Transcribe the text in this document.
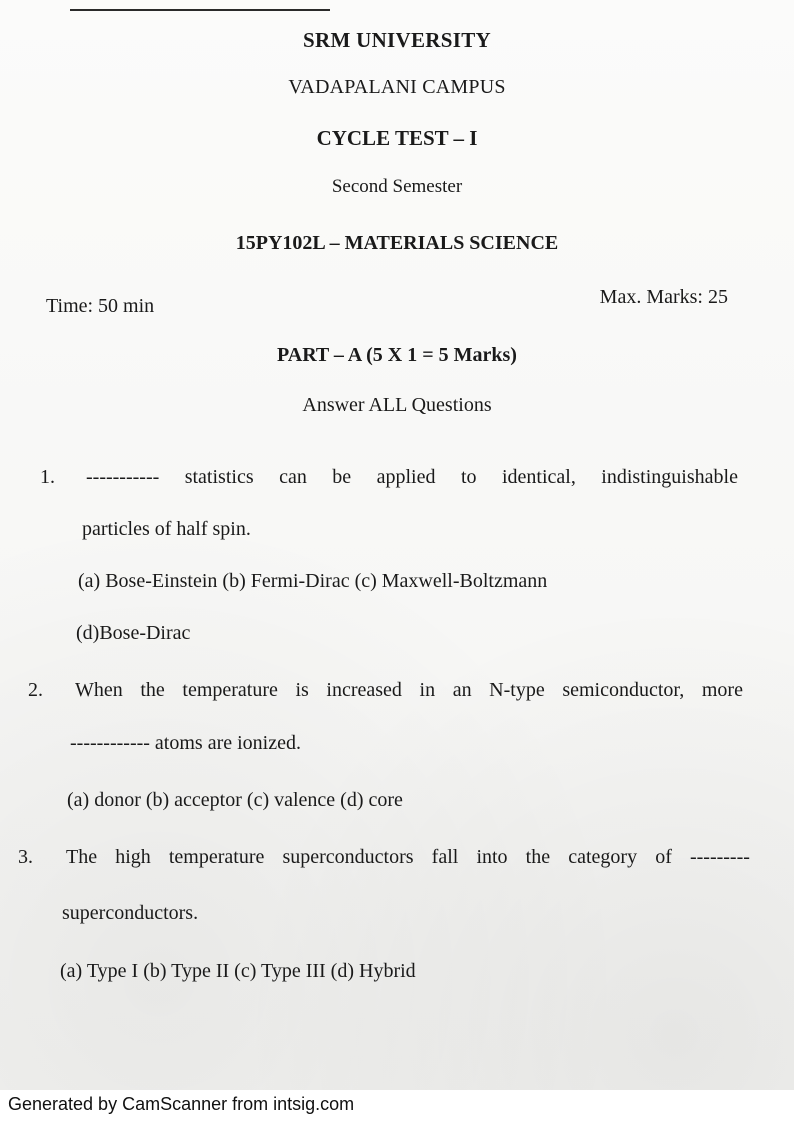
SRM UNIVERSITY
VADAPALANI CAMPUS
CYCLE TEST – I
Second Semester
15PY102L – MATERIALS SCIENCE
Time: 50 min	Max. Marks: 25
PART – A (5 X 1 = 5 Marks)
Answer ALL Questions
1. ----------- statistics can be applied to identical, indistinguishable
particles of half spin.
(a) Bose-Einstein (b) Fermi-Dirac (c) Maxwell-Boltzmann
(d)Bose-Dirac
2. When the temperature is increased in an N-type semiconductor, more
------------ atoms are ionized.
(a) donor (b) acceptor (c) valence (d) core
3. The high temperature superconductors fall into the category of ---------
superconductors.
(a) Type I (b) Type II (c) Type III (d) Hybrid
Generated by CamScanner from intsig.com
